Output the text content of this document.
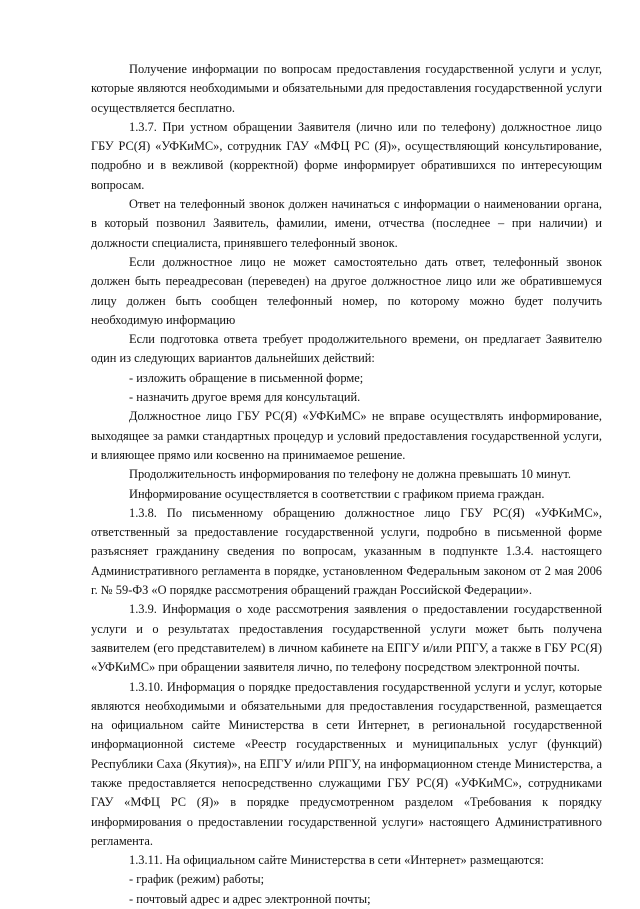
Получение информации по вопросам предоставления государственной услуги и услуг, которые являются необходимыми и обязательными для предоставления государственной услуги осуществляется бесплатно.

1.3.7. При устном обращении Заявителя (лично или по телефону) должностное лицо ГБУ РС(Я) «УФКиМС», сотрудник ГАУ «МФЦ РС (Я)», осуществляющий консультирование, подробно и в вежливой (корректной) форме информирует обратившихся по интересующим вопросам.

Ответ на телефонный звонок должен начинаться с информации о наименовании органа, в который позвонил Заявитель, фамилии, имени, отчества (последнее – при наличии) и должности специалиста, принявшего телефонный звонок.

Если должностное лицо не может самостоятельно дать ответ, телефонный звонок должен быть переадресован (переведен) на другое должностное лицо или же обратившемуся лицу должен быть сообщен телефонный номер, по которому можно будет получить необходимую информацию

Если подготовка ответа требует продолжительного времени, он предлагает Заявителю один из следующих вариантов дальнейших действий:

- изложить обращение в письменной форме;

- назначить другое время для консультаций.

Должностное лицо ГБУ РС(Я) «УФКиМС» не вправе осуществлять информирование, выходящее за рамки стандартных процедур и условий предоставления государственной услуги, и влияющее прямо или косвенно на принимаемое решение.

Продолжительность информирования по телефону не должна превышать 10 минут.

Информирование осуществляется в соответствии с графиком приема граждан.

1.3.8. По письменному обращению должностное лицо ГБУ РС(Я) «УФКиМС», ответственный за предоставление государственной услуги, подробно в письменной форме разъясняет гражданину сведения по вопросам, указанным в подпункте 1.3.4. настоящего Административного регламента в порядке, установленном Федеральным законом от 2 мая 2006 г. № 59-ФЗ «О порядке рассмотрения обращений граждан Российской Федерации».

1.3.9. Информация о ходе рассмотрения заявления о предоставлении государственной услуги и о результатах предоставления государственной услуги может быть получена заявителем (его представителем) в личном кабинете на ЕПГУ и/или РПГУ, а также в ГБУ РС(Я) «УФКиМС» при обращении заявителя лично, по телефону посредством электронной почты.

1.3.10. Информация о порядке предоставления государственной услуги и услуг, которые являются необходимыми и обязательными для предоставления государственной, размещается на официальном сайте Министерства в сети Интернет, в региональной государственной информационной системе «Реестр государственных и муниципальных услуг (функций) Республики Саха (Якутия)», на ЕПГУ и/или РПГУ, на информационном стенде Министерства, а также предоставляется непосредственно служащими ГБУ РС(Я) «УФКиМС», сотрудниками ГАУ «МФЦ РС (Я)» в порядке предусмотренном разделом «Требования к порядку информирования о предоставлении государственной услуги» настоящего Административного регламента.

1.3.11. На официальном сайте Министерства в сети «Интернет» размещаются:

- график (режим) работы;

- почтовый адрес и адрес электронной почты;
